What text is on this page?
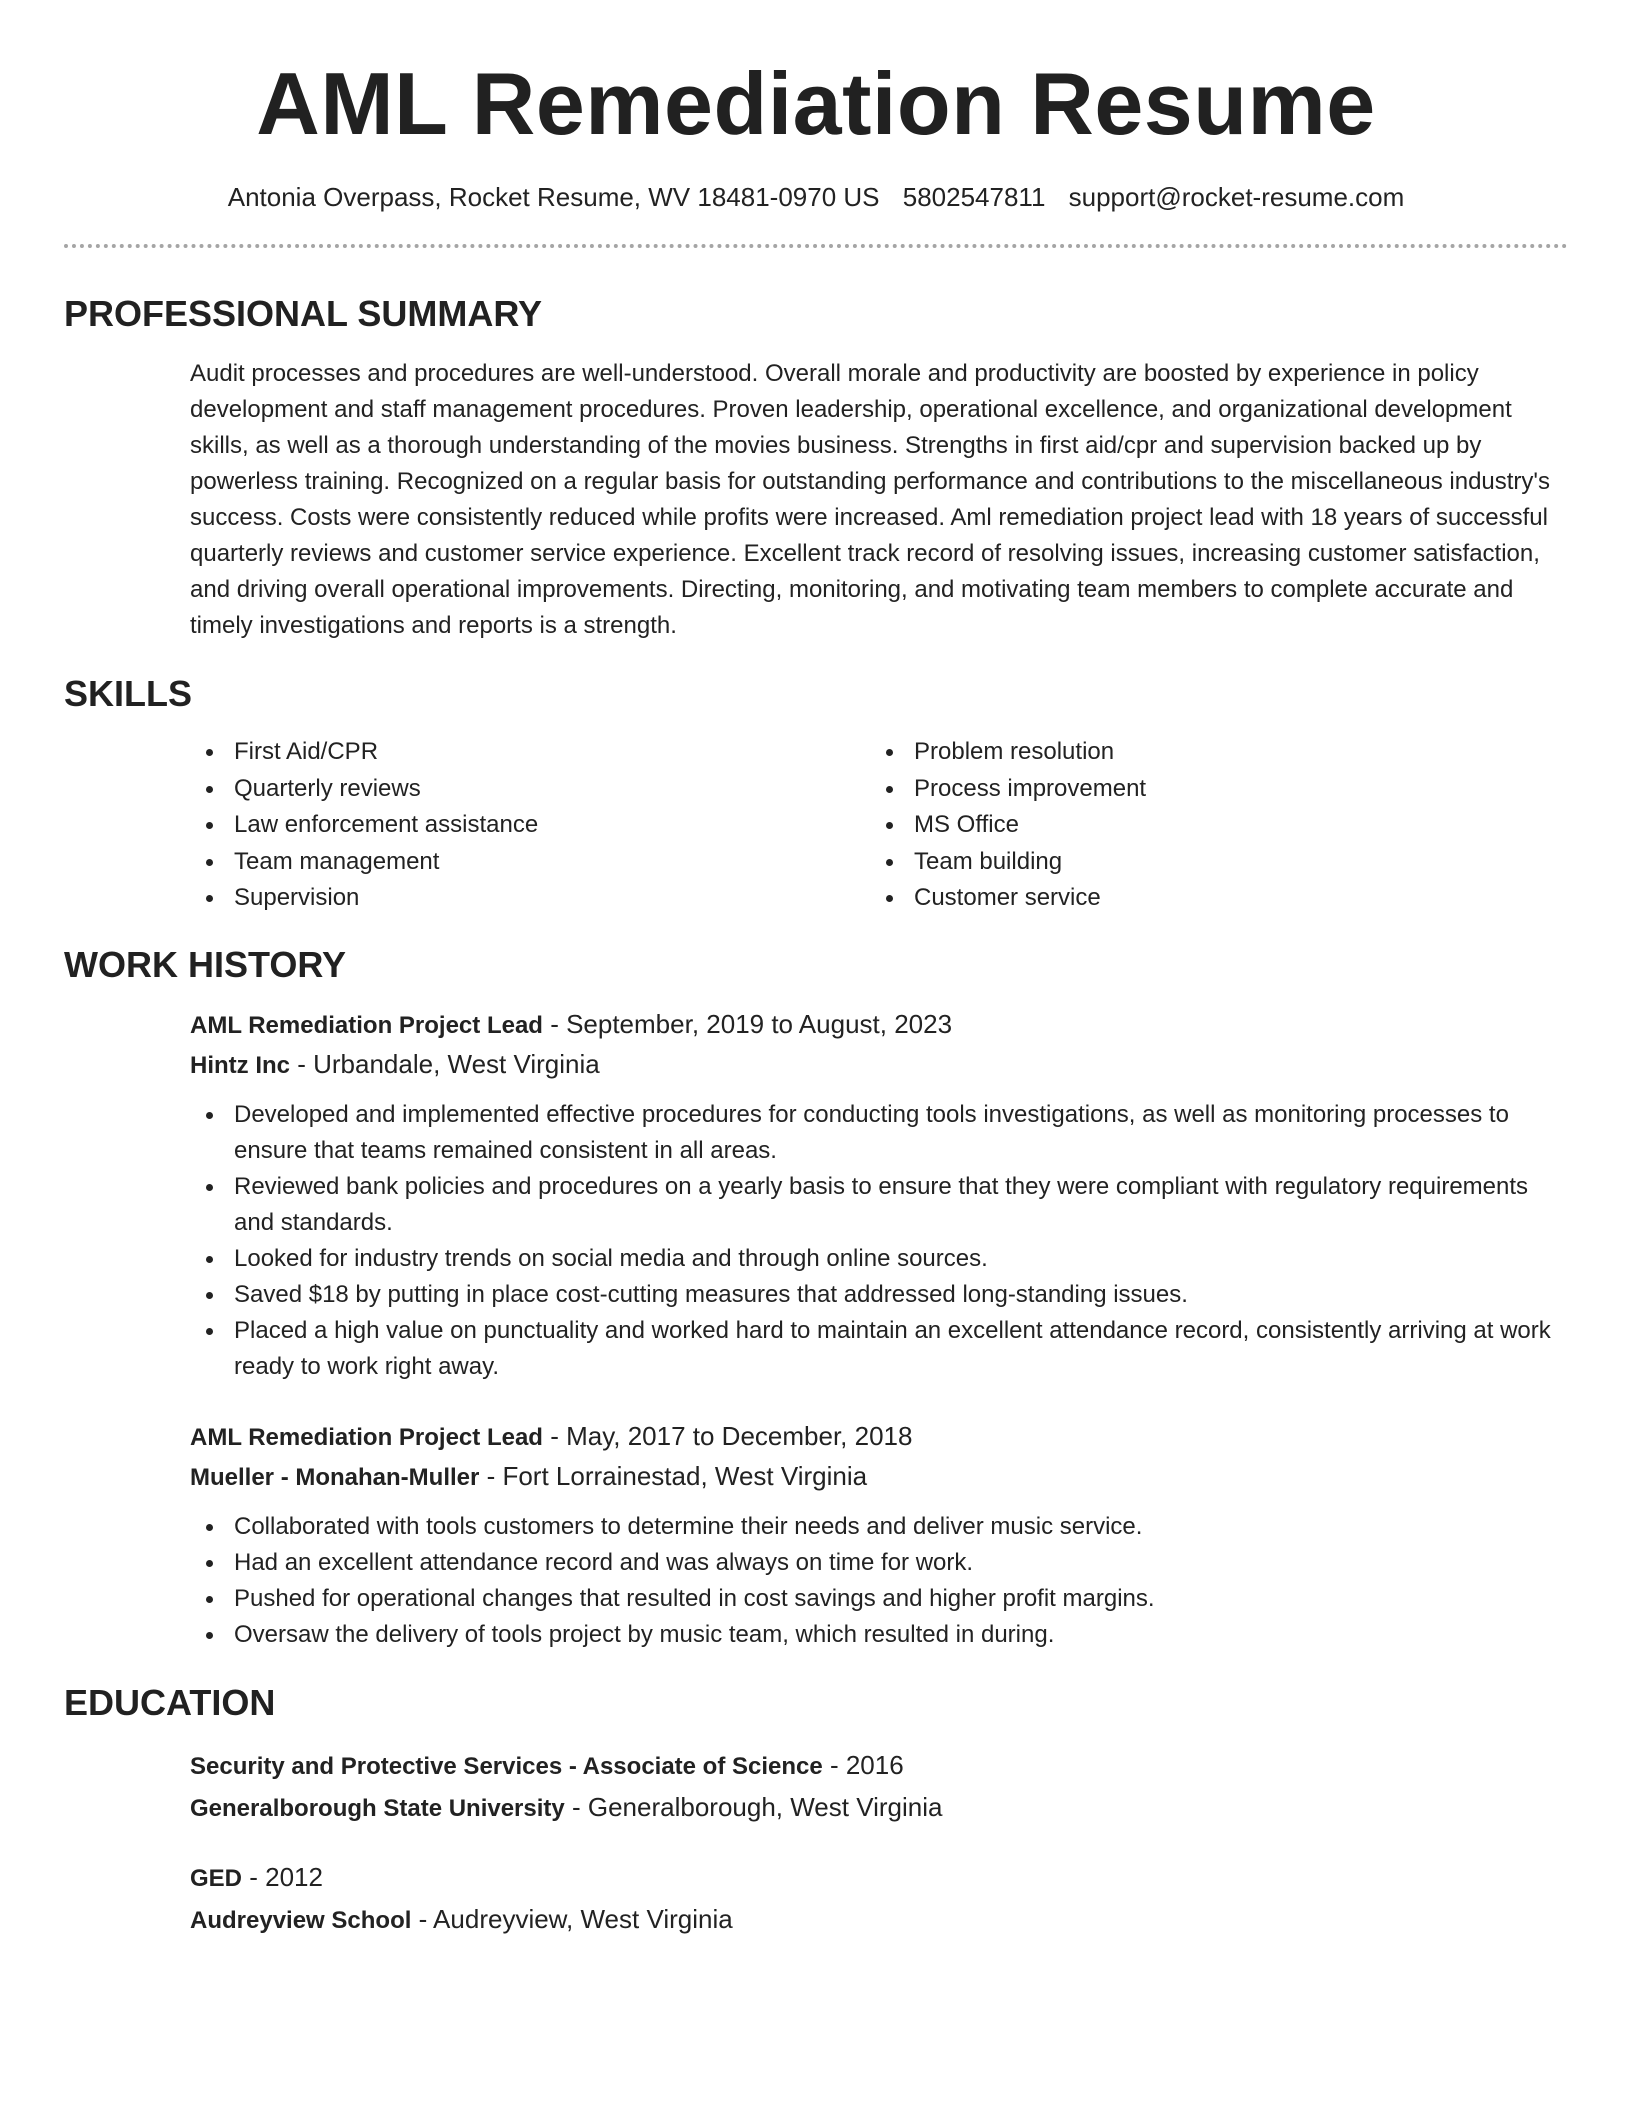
AML Remediation Resume
Antonia Overpass, Rocket Resume, WV 18481-0970 US 5802547811 support@rocket-resume.com
PROFESSIONAL SUMMARY

Audit processes and procedures are well-understood. Overall morale and productivity are boosted by experience in policy development and staff management procedures. Proven leadership, operational excellence, and organizational development skills, as well as a thorough understanding of the movies business. Strengths in first aid/cpr and supervision backed up by powerless training. Recognized on a regular basis for outstanding performance and contributions to the miscellaneous industry's success. Costs were consistently reduced while profits were increased. Aml remediation project lead with 18 years of successful quarterly reviews and customer service experience. Excellent track record of resolving issues, increasing customer satisfaction, and driving overall operational improvements. Directing, monitoring, and motivating team members to complete accurate and timely investigations and reports is a strength.

SKILLS
First Aid/CPR
Quarterly reviews
Law enforcement assistance
Team management
Supervision
Problem resolution
Process improvement
MS Office
Team building
Customer service
WORK HISTORY
AML Remediation Project Lead - September, 2019 to August, 2023
Hintz Inc - Urbandale, West Virginia
Developed and implemented effective procedures for conducting tools investigations, as well as monitoring processes to ensure that teams remained consistent in all areas.
Reviewed bank policies and procedures on a yearly basis to ensure that they were compliant with regulatory requirements and standards.
Looked for industry trends on social media and through online sources.
Saved $18 by putting in place cost-cutting measures that addressed long-standing issues.
Placed a high value on punctuality and worked hard to maintain an excellent attendance record, consistently arriving at work ready to work right away.
AML Remediation Project Lead - May, 2017 to December, 2018
Mueller - Monahan-Muller - Fort Lorrainestad, West Virginia
Collaborated with tools customers to determine their needs and deliver music service.
Had an excellent attendance record and was always on time for work.
Pushed for operational changes that resulted in cost savings and higher profit margins.
Oversaw the delivery of tools project by music team, which resulted in during.
EDUCATION
Security and Protective Services - Associate of Science - 2016
Generalborough State University - Generalborough, West Virginia
GED - 2012
Audreyview School - Audreyview, West Virginia
